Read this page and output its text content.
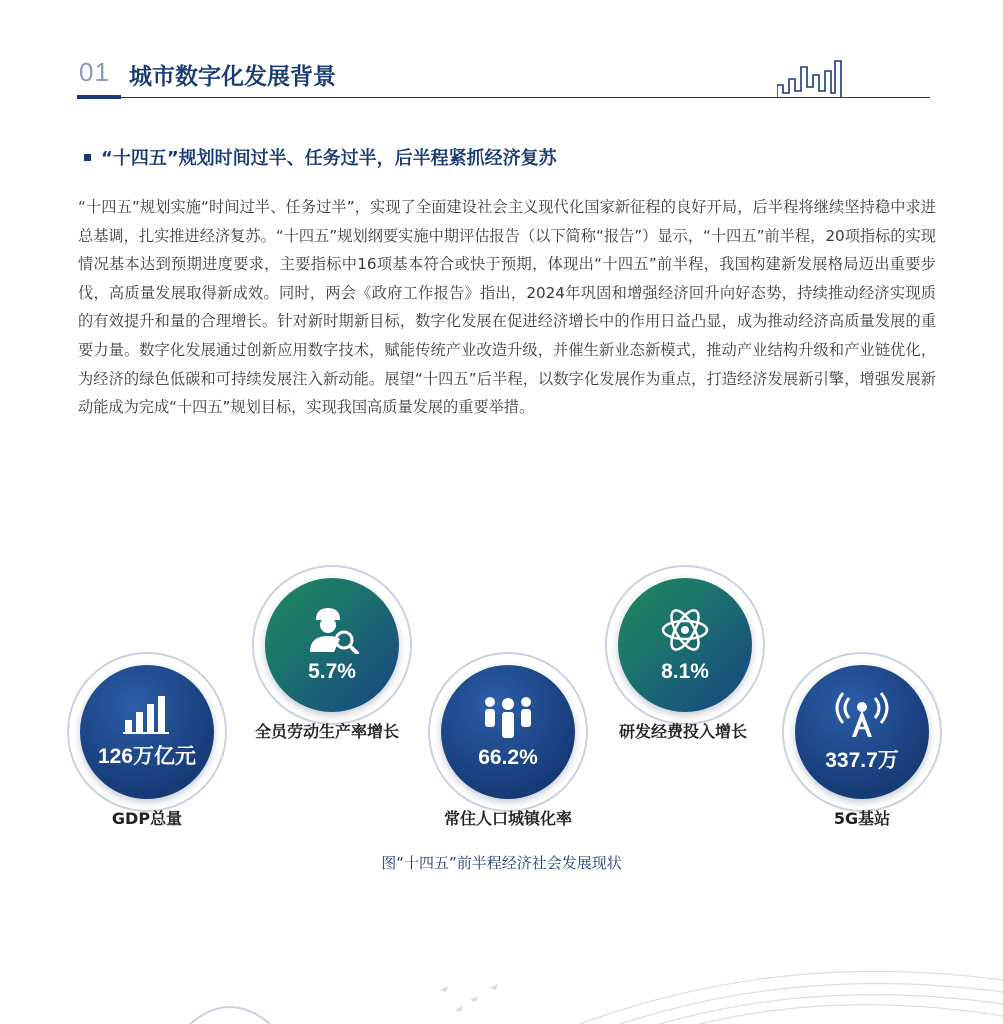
01 城市数字化发展背景
“十四五”规划时间过半、任务过半，后半程紧抓经济复苏

“十四五”规划实施“时间过半、任务过半”，实现了全面建设社会主义现代化国家新征程的良好开局，后半程将继续坚持稳中求进总基调，扎实推进经济复苏。“十四五”规划纲要实施中期评估报告（以下简称“报告”）显示，“十四五”前半程，20项指标的实现情况基本达到预期进度要求，主要指标中16项基本符合或快于预期，体现出“十四五”前半程，我国构建新发展格局迈出重要步伐，高质量发展取得新成效。同时，两会《政府工作报告》指出，2024年巩固和增强经济回升向好态势，持续推动经济实现质的有效提升和量的合理增长。针对新时期新目标，数字化发展在促进经济增长中的作用日益凸显，成为推动经济高质量发展的重要力量。数字化发展通过创新应用数字技术，赋能传统产业改造升级，并催生新业态新模式，推动产业结构升级和产业链优化，为经济的绿色低碳和可持续发展注入新动能。展望“十四五”后半程，以数字化发展作为重点，打造经济发展新引擎，增强发展新动能成为完成“十四五”规划目标，实现我国高质量发展的重要举措。

126万亿元
GDP总量
5.7%
全员劳动生产率增长
66.2%
常住人口城镇化率
8.1%
研发经费投入增长
337.7万
5G基站
图“十四五”前半程经济社会发展现状
